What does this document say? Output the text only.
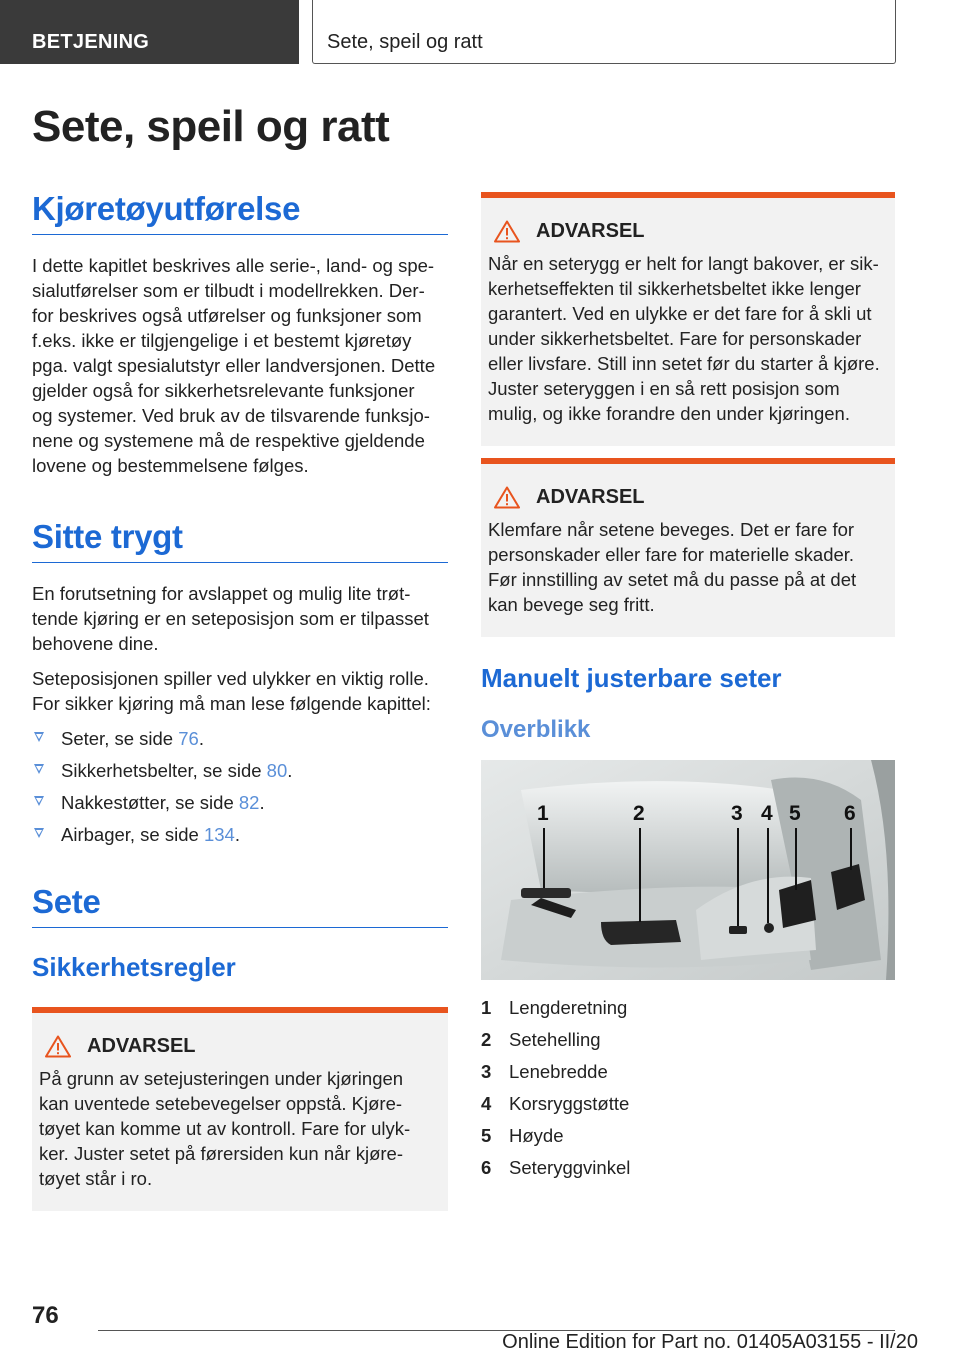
BETJENING	Sete, speil og ratt
Sete, speil og ratt
Kjøretøyutførelse
I dette kapitlet beskrives alle serie-, land- og spe-
sialutførelser som er tilbudt i modellrekken. Der-
for beskrives også utførelser og funksjoner som
f.eks. ikke er tilgjengelige i et bestemt kjøretøy
pga. valgt spesialutstyr eller landversjonen. Dette
gjelder også for sikkerhetsrelevante funksjoner
og systemer. Ved bruk av de tilsvarende funksjo-
nene og systemene må de respektive gjeldende
lovene og bestemmelsene følges.
Sitte trygt
En forutsetning for avslappet og mulig lite trøt-
tende kjøring er en seteposisjon som er tilpasset
behovene dine.
Seteposisjonen spiller ved ulykker en viktig rolle.
For sikker kjøring må man lese følgende kapittel:
Seter, se side 76.
Sikkerhetsbelter, se side 80.
Nakkestøtter, se side 82.
Airbager, se side 134.
Sete
Sikkerhetsregler
ADVARSEL
På grunn av setejusteringen under kjøringen
kan uventede setebevegelser oppstå. Kjøre-
tøyet kan komme ut av kontroll. Fare for ulyk-
ker. Juster setet på førersiden kun når kjøre-
tøyet står i ro.
ADVARSEL
Når en seterygg er helt for langt bakover, er sik-
kerhetseffekten til sikkerhetsbeltet ikke lenger
garantert. Ved en ulykke er det fare for å skli ut
under sikkerhetsbeltet. Fare for personskader
eller livsfare. Still inn setet før du starter å kjøre.
Juster seteryggen i en så rett posisjon som
mulig, og ikke forandre den under kjøringen.
ADVARSEL
Klemfare når setene beveges. Det er fare for
personskader eller fare for materielle skader.
Før innstilling av setet må du passe på at det
kan bevege seg fritt.
Manuelt justerbare seter
Overblikk
1	2	3 4 5 6
1 Lengderetning
2 Setehelling
3 Lenebredde
4 Korsryggstøtte
5 Høyde
6 Seteryggvinkel
76
Online Edition for Part no. 01405A03155 - II/20
